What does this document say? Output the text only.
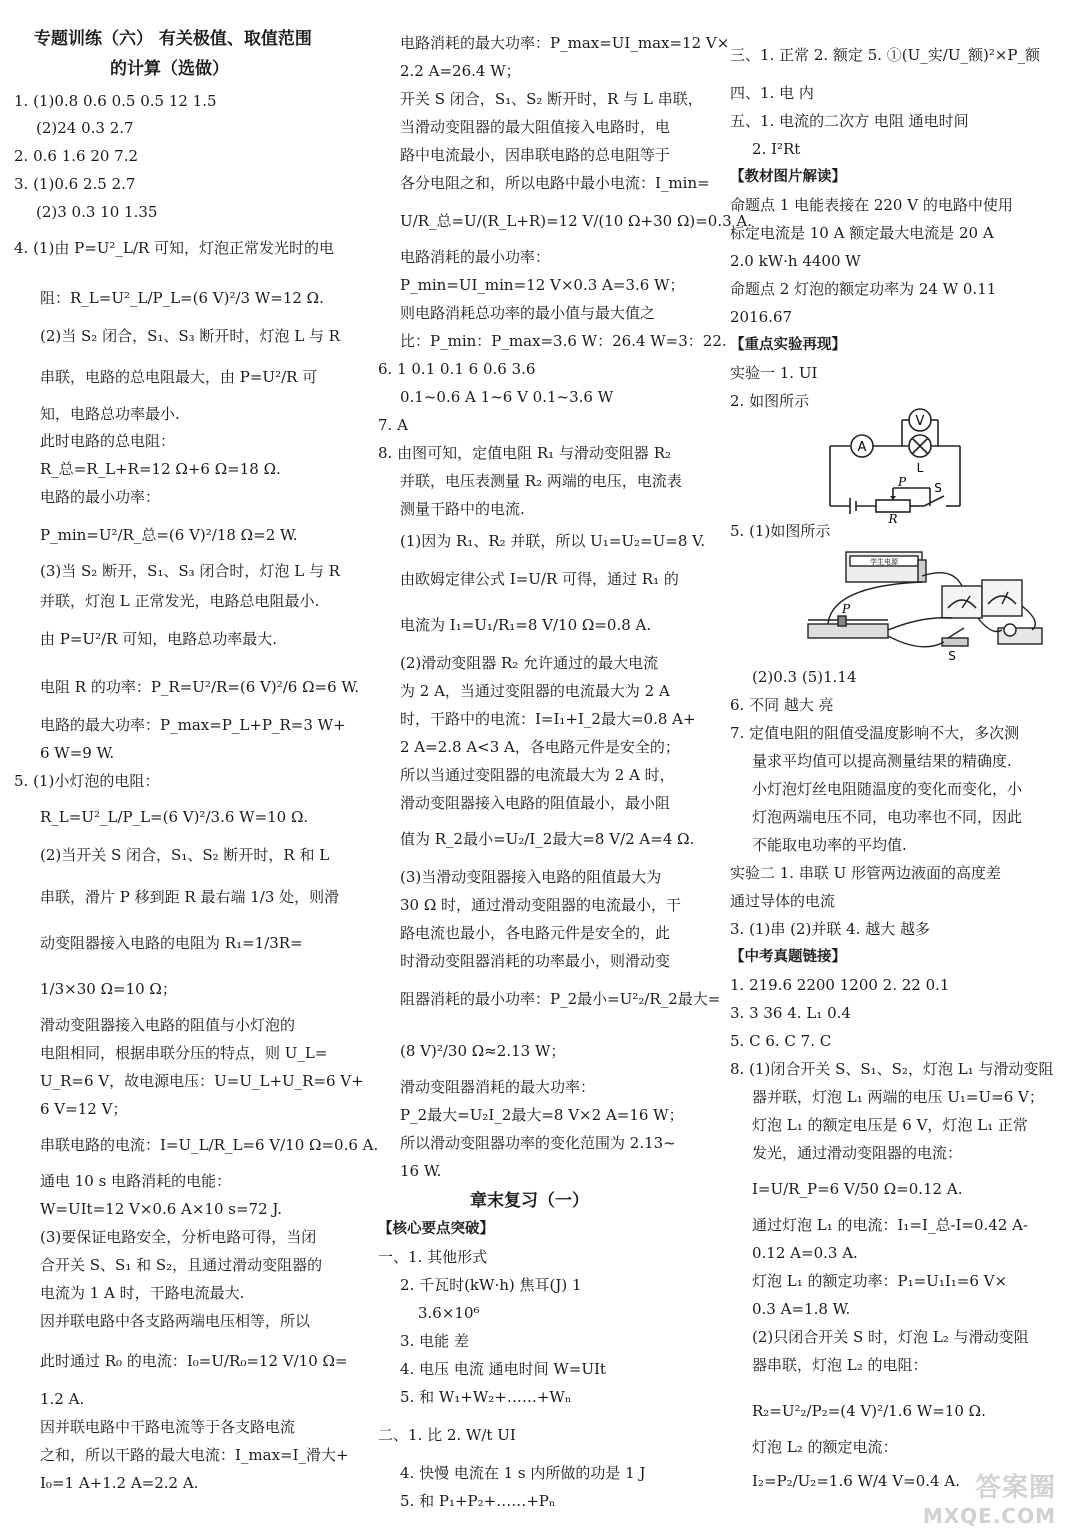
专题训练（六） 有关极值、取值范围
的计算（选做）
1. (1)0.8 0.6 0.5 0.5 12 1.5
(2)24 0.3 2.7
2. 0.6 1.6 20 7.2
3. (1)0.6 2.5 2.7
(2)3 0.3 10 1.35
4. (1)由 P=U²_L/R 可知，灯泡正常发光时的电
阻：R_L=U²_L/P_L=(6 V)²/3 W=12 Ω.
(2)当 S₂ 闭合，S₁、S₃ 断开时，灯泡 L 与 R
串联，电路的总电阻最大，由 P=U²/R 可
知，电路总功率最小.
此时电路的总电阻：
R_总=R_L+R=12 Ω+6 Ω=18 Ω.
电路的最小功率：
P_min=U²/R_总=(6 V)²/18 Ω=2 W.
(3)当 S₂ 断开，S₁、S₃ 闭合时，灯泡 L 与 R
并联，灯泡 L 正常发光，电路总电阻最小.
由 P=U²/R 可知，电路总功率最大.
电阻 R 的功率：P_R=U²/R=(6 V)²/6 Ω=6 W.
电路的最大功率：P_max=P_L+P_R=3 W+
6 W=9 W.
5. (1)小灯泡的电阻：
R_L=U²_L/P_L=(6 V)²/3.6 W=10 Ω.
(2)当开关 S 闭合，S₁、S₂ 断开时，R 和 L
串联，滑片 P 移到距 R 最右端 1/3 处，则滑
动变阻器接入电路的电阻为 R₁=1/3R=
1/3×30 Ω=10 Ω；
滑动变阻器接入电路的阻值与小灯泡的
电阻相同，根据串联分压的特点，则 U_L=
U_R=6 V，故电源电压：U=U_L+U_R=6 V+
6 V=12 V；
串联电路的电流：I=U_L/R_L=6 V/10 Ω=0.6 A.
通电 10 s 电路消耗的电能：
W=UIt=12 V×0.6 A×10 s=72 J.
(3)要保证电路安全，分析电路可得，当闭
合开关 S、S₁ 和 S₂，且通过滑动变阻器的
电流为 1 A 时，干路电流最大.
因并联电路中各支路两端电压相等，所以
此时通过 R₀ 的电流：I₀=U/R₀=12 V/10 Ω=
1.2 A.
因并联电路中干路电流等于各支路电流
之和，所以干路的最大电流：I_max=I_滑大+
I₀=1 A+1.2 A=2.2 A.
电路消耗的最大功率：P_max=UI_max=12 V×
2.2 A=26.4 W；
开关 S 闭合，S₁、S₂ 断开时，R 与 L 串联，
当滑动变阻器的最大阻值接入电路时，电
路中电流最小，因串联电路的总电阻等于
各分电阻之和，所以电路中最小电流：I_min=
U/R_总=U/(R_L+R)=12 V/(10 Ω+30 Ω)=0.3 A.
电路消耗的最小功率：
P_min=UI_min=12 V×0.3 A=3.6 W；
则电路消耗总功率的最小值与最大值之
比：P_min：P_max=3.6 W：26.4 W=3：22.
6. 1 0.1 0.1 6 0.6 3.6
0.1~0.6 A 1~6 V 0.1~3.6 W
7. A
8. 由图可知，定值电阻 R₁ 与滑动变阻器 R₂
并联，电压表测量 R₂ 两端的电压，电流表
测量干路中的电流.
(1)因为 R₁、R₂ 并联，所以 U₁=U₂=U=8 V.
由欧姆定律公式 I=U/R 可得，通过 R₁ 的
电流为 I₁=U₁/R₁=8 V/10 Ω=0.8 A.
(2)滑动变阻器 R₂ 允许通过的最大电流
为 2 A，当通过变阻器的电流最大为 2 A
时，干路中的电流：I=I₁+I_2最大=0.8 A+
2 A=2.8 A<3 A，各电路元件是安全的；
所以当通过变阻器的电流最大为 2 A 时，
滑动变阻器接入电路的阻值最小，最小阻
值为 R_2最小=U₂/I_2最大=8 V/2 A=4 Ω.
(3)当滑动变阻器接入电路的阻值最大为
30 Ω 时，通过滑动变阻器的电流最小，干
路电流也最小，各电路元件是安全的，此
时滑动变阻器消耗的功率最小，则滑动变
阻器消耗的最小功率：P_2最小=U²₂/R_2最大=
(8 V)²/30 Ω≈2.13 W；
滑动变阻器消耗的最大功率：
P_2最大=U₂I_2最大=8 V×2 A=16 W；
所以滑动变阻器功率的变化范围为 2.13~
16 W.
章末复习（一）
【核心要点突破】
一、1. 其他形式
2. 千瓦时(kW·h) 焦耳(J) 1
3.6×10⁶
3. 电能 差
4. 电压 电流 通电时间 W=UIt
5. 和 W₁+W₂+……+Wₙ
二、1. 比 2. W/t UI
4. 快慢 电流在 1 s 内所做的功是 1 J
5. 和 P₁+P₂+……+Pₙ
A
V
L
P
R
S
学生电源
P
S
三、1. 正常 2. 额定 5. ①(U_实/U_额)²×P_额
四、1. 电 内
五、1. 电流的二次方 电阻 通电时间
2. I²Rt
【教材图片解读】
命题点 1 电能表接在 220 V 的电路中使用
标定电流是 10 A 额定最大电流是 20 A
2.0 kW·h 4400 W
命题点 2 灯泡的额定功率为 24 W 0.11
2016.67
【重点实验再现】
实验一 1. UI
2. 如图所示
5. (1)如图所示
(2)0.3 (5)1.14
6. 不同 越大 亮
7. 定值电阻的阻值受温度影响不大，多次测
量求平均值可以提高测量结果的精确度.
小灯泡灯丝电阻随温度的变化而变化，小
灯泡两端电压不同，电功率也不同，因此
不能取电功率的平均值.
实验二 1. 串联 U 形管两边液面的高度差
通过导体的电流
3. (1)串 (2)并联 4. 越大 越多
【中考真题链接】
1. 219.6 2200 1200 2. 22 0.1
3. 3 36 4. L₁ 0.4
5. C 6. C 7. C
8. (1)闭合开关 S、S₁、S₂，灯泡 L₁ 与滑动变阻
器并联，灯泡 L₁ 两端的电压 U₁=U=6 V；
灯泡 L₁ 的额定电压是 6 V，灯泡 L₁ 正常
发光，通过滑动变阻器的电流：
I=U/R_P=6 V/50 Ω=0.12 A.
通过灯泡 L₁ 的电流：I₁=I_总-I=0.42 A-
0.12 A=0.3 A.
灯泡 L₁ 的额定功率：P₁=U₁I₁=6 V×
0.3 A=1.8 W.
(2)只闭合开关 S 时，灯泡 L₂ 与滑动变阻
器串联，灯泡 L₂ 的电阻：
R₂=U²₂/P₂=(4 V)²/1.6 W=10 Ω.
灯泡 L₂ 的额定电流：
I₂=P₂/U₂=1.6 W/4 V=0.4 A. 答案圈
MXQE.COM
